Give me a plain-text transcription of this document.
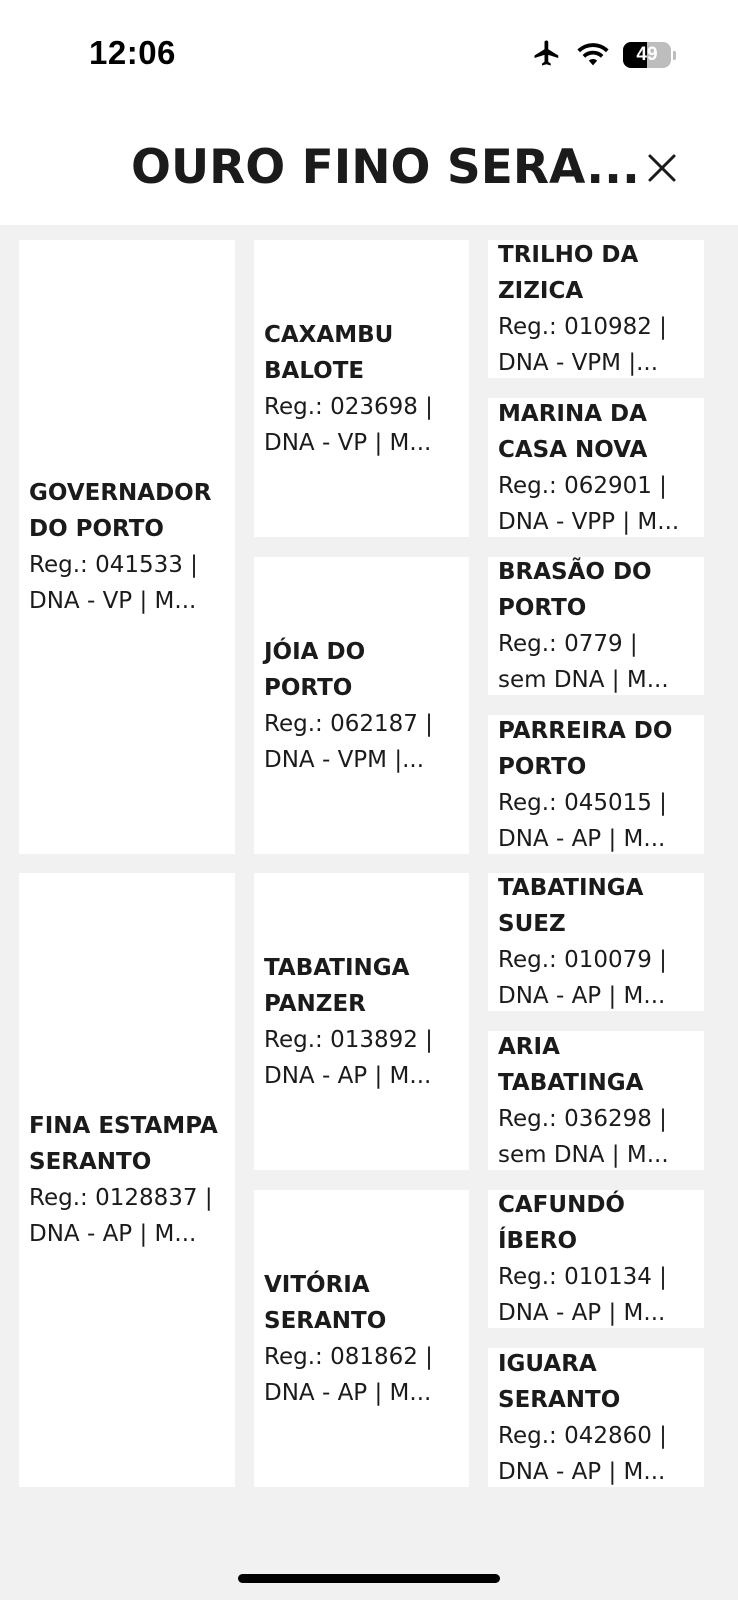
12:06	49
OURO FINO SERA...
GOVERNADOR
DO PORTO
Reg.: 041533 |
DNA - VP | M...
FINA ESTAMPA
SERANTO
Reg.: 0128837 |
DNA - AP | M...
CAXAMBU
BALOTE
Reg.: 023698 |
DNA - VP | M...
JÓIA DO
PORTO
Reg.: 062187 |
DNA - VPM |...
TABATINGA
PANZER
Reg.: 013892 |
DNA - AP | M...
VITÓRIA
SERANTO
Reg.: 081862 |
DNA - AP | M...
TRILHO DA
ZIZICA
Reg.: 010982 |
DNA - VPM |...
MARINA DA
CASA NOVA
Reg.: 062901 |
DNA - VPP | M...
BRASÃO DO
PORTO
Reg.: 0779 |
sem DNA | M...
PARREIRA DO
PORTO
Reg.: 045015 |
DNA - AP | M...
TABATINGA
SUEZ
Reg.: 010079 |
DNA - AP | M...
ARIA
TABATINGA
Reg.: 036298 |
sem DNA | M...
CAFUNDÓ
ÍBERO
Reg.: 010134 |
DNA - AP | M...
IGUARA
SERANTO
Reg.: 042860 |
DNA - AP | M...
